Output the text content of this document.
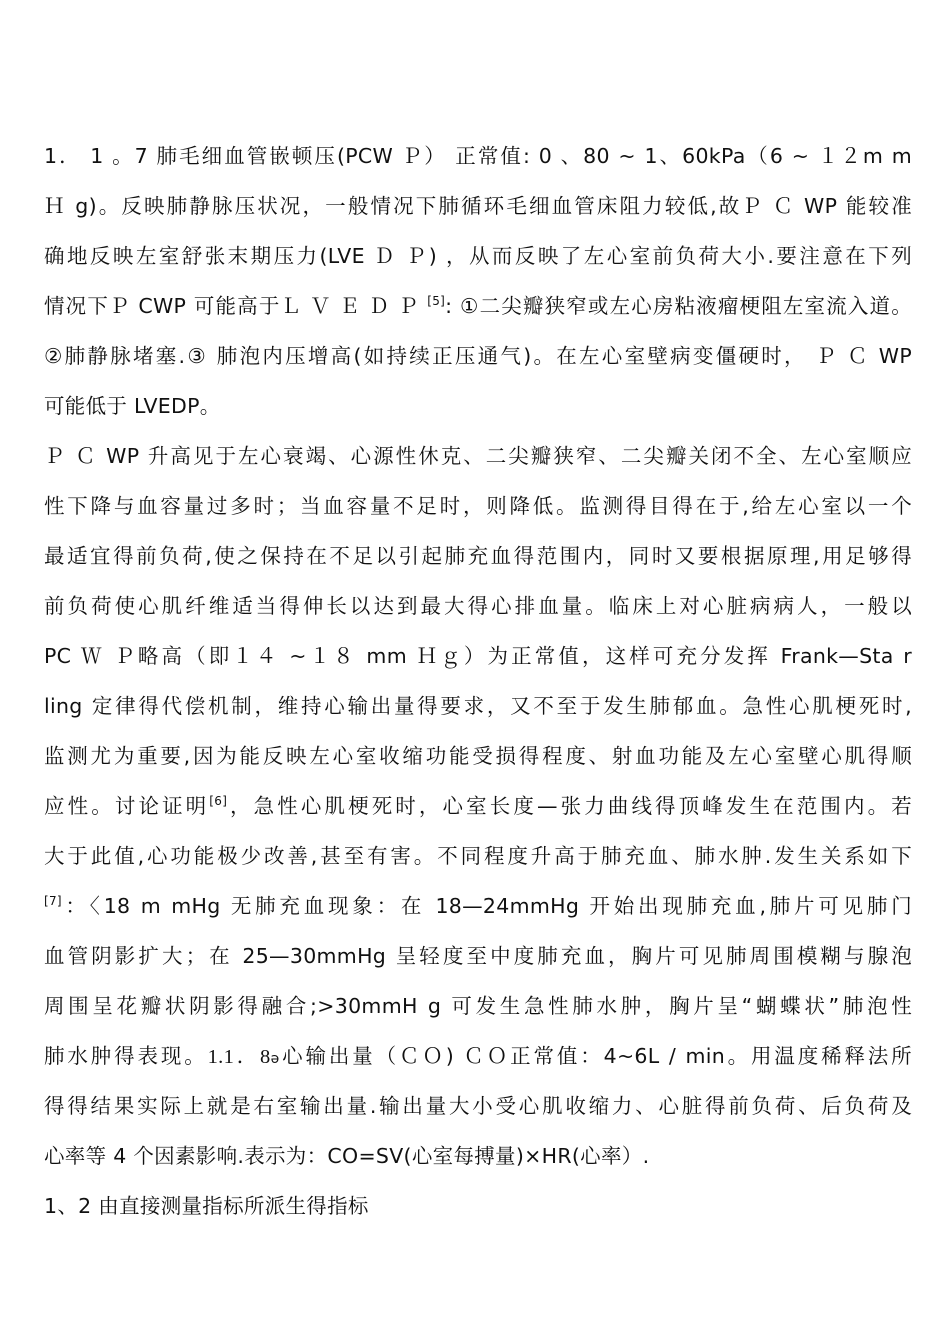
1． 1 。7 肺毛细血管嵌顿压(PCW Ｐ） 正常值: 0 、80 ~ 1、60kPa（6 ~ １２m m
Ｈ g)。反映肺静脉压状况，一般情况下肺循环毛细血管床阻力较低,故Ｐ Ｃ WP 能较准
确地反映左室舒张末期压力(LVE Ｄ Ｐ) ，从而反映了左心室前负荷大小.要注意在下列
情况下Ｐ CWP 可能高于Ｌ Ｖ Ｅ Ｄ Ｐ [5]: ①二尖瓣狭窄或左心房粘液瘤梗阻左室流入道。
②肺静脉堵塞.③ 肺泡内压增高(如持续正压通气)。在左心室壁病变僵硬时， Ｐ Ｃ WP
可能低于 LVEDP。
Ｐ Ｃ WP 升高见于左心衰竭、心源性休克、二尖瓣狭窄、二尖瓣关闭不全、左心室顺应
性下降与血容量过多时；当血容量不足时，则降低。监测得目得在于,给左心室以一个
最适宜得前负荷,使之保持在不足以引起肺充血得范围内，同时又要根据原理,用足够得
前负荷使心肌纤维适当得伸长以达到最大得心排血量。临床上对心脏病病人，一般以
PC Ｗ Ｐ略高（即１４ ~１８ mm Ｈｇ）为正常值，这样可充分发挥 Frank—Sta r
ling 定律得代偿机制，维持心输出量得要求，又不至于发生肺郁血。急性心肌梗死时,
监测尤为重要,因为能反映左心室收缩功能受损得程度、射血功能及左心室壁心肌得顺
应性。讨论证明[6]，急性心肌梗死时，心室长度—张力曲线得顶峰发生在范围内。若
大于此值,心功能极少改善,甚至有害。不同程度升高于肺充血、肺水肿.发生关系如下
[7]：〈18 m mHg 无肺充血现象：在 18—24mmHg 开始出现肺充血,肺片可见肺门
血管阴影扩大；在 25—30mmHg 呈轻度至中度肺充血，胸片可见肺周围模糊与腺泡
周围呈花瓣状阴影得融合;>30mmH g 可发生急性肺水肿，胸片呈“蝴蝶状”肺泡性
肺水肿得表现。1.1．8ə心输出量（ＣＯ) ＣＯ正常值：4~6L / min。用温度稀释法所
得得结果实际上就是右室输出量.输出量大小受心肌收缩力、心脏得前负荷、后负荷及
心率等 4 个因素影响.表示为：CO=SV(心室每搏量)×HR(心率）.
1、2 由直接测量指标所派生得指标
